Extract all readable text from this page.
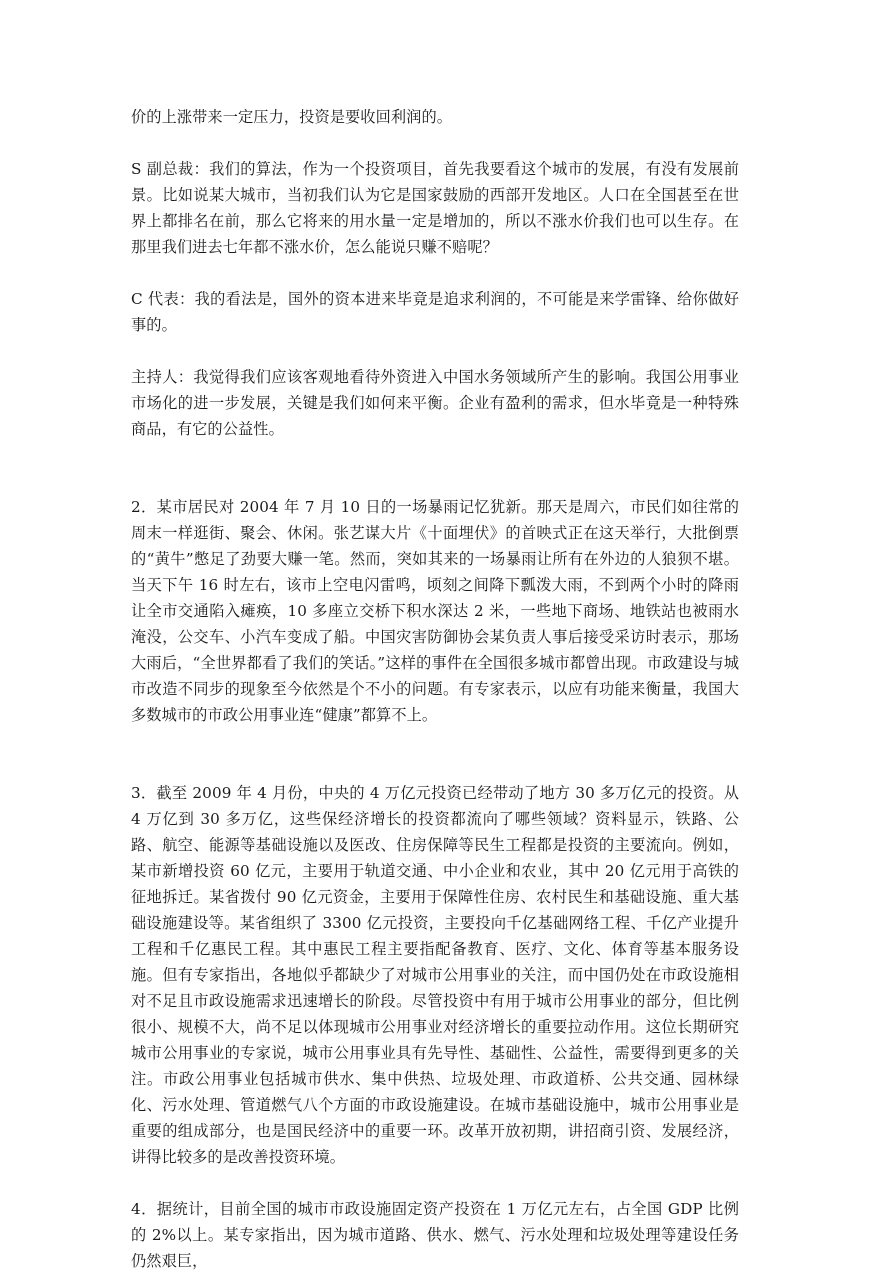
价的上涨带来一定压力，投资是要收回利润的。

S 副总裁：我们的算法，作为一个投资项目，首先我要看这个城市的发展，有没有发展前景。比如说某大城市，当初我们认为它是国家鼓励的西部开发地区。人口在全国甚至在世界上都排名在前，那么它将来的用水量一定是增加的，所以不涨水价我们也可以生存。在那里我们进去七年都不涨水价，怎么能说只赚不赔呢？

C 代表：我的看法是，国外的资本进来毕竟是追求利润的，不可能是来学雷锋、给你做好事的。

主持人：我觉得我们应该客观地看待外资进入中国水务领域所产生的影响。我国公用事业市场化的进一步发展，关键是我们如何来平衡。企业有盈利的需求，但水毕竟是一种特殊商品，有它的公益性。

2．某市居民对 2004 年 7 月 10 日的一场暴雨记忆犹新。那天是周六，市民们如往常的周末一样逛街、聚会、休闲。张艺谋大片《十面埋伏》的首映式正在这天举行，大批倒票的“黄牛”憋足了劲要大赚一笔。然而，突如其来的一场暴雨让所有在外边的人狼狈不堪。当天下午 16 时左右，该市上空电闪雷鸣，顷刻之间降下瓢泼大雨，不到两个小时的降雨让全市交通陷入瘫痪，10 多座立交桥下积水深达 2 米，一些地下商场、地铁站也被雨水淹没，公交车、小汽车变成了船。中国灾害防御协会某负责人事后接受采访时表示，那场大雨后，“全世界都看了我们的笑话。”这样的事件在全国很多城市都曾出现。市政建设与城市改造不同步的现象至今依然是个不小的问题。有专家表示，以应有功能来衡量，我国大多数城市的市政公用事业连“健康”都算不上。

3．截至 2009 年 4 月份，中央的 4 万亿元投资已经带动了地方 30 多万亿元的投资。从 4 万亿到 30 多万亿，这些保经济增长的投资都流向了哪些领域？资料显示，铁路、公路、航空、能源等基础设施以及医改、住房保障等民生工程都是投资的主要流向。例如，某市新增投资 60 亿元，主要用于轨道交通、中小企业和农业，其中 20 亿元用于高铁的征地拆迁。某省拨付 90 亿元资金，主要用于保障性住房、农村民生和基础设施、重大基础设施建设等。某省组织了 3300 亿元投资，主要投向千亿基础网络工程、千亿产业提升工程和千亿惠民工程。其中惠民工程主要指配备教育、医疗、文化、体育等基本服务设施。但有专家指出，各地似乎都缺少了对城市公用事业的关注，而中国仍处在市政设施相对不足且市政设施需求迅速增长的阶段。尽管投资中有用于城市公用事业的部分，但比例很小、规模不大，尚不足以体现城市公用事业对经济增长的重要拉动作用。这位长期研究城市公用事业的专家说，城市公用事业具有先导性、基础性、公益性，需要得到更多的关注。市政公用事业包括城市供水、集中供热、垃圾处理、市政道桥、公共交通、园林绿化、污水处理、管道燃气八个方面的市政设施建设。在城市基础设施中，城市公用事业是重要的组成部分，也是国民经济中的重要一环。改革开放初期，讲招商引资、发展经济，讲得比较多的是改善投资环境。

4．据统计，目前全国的城市市政设施固定资产投资在 1 万亿元左右，占全国 GDP 比例的 2%以上。某专家指出，因为城市道路、供水、燃气、污水处理和垃圾处理等建设任务仍然艰巨，
